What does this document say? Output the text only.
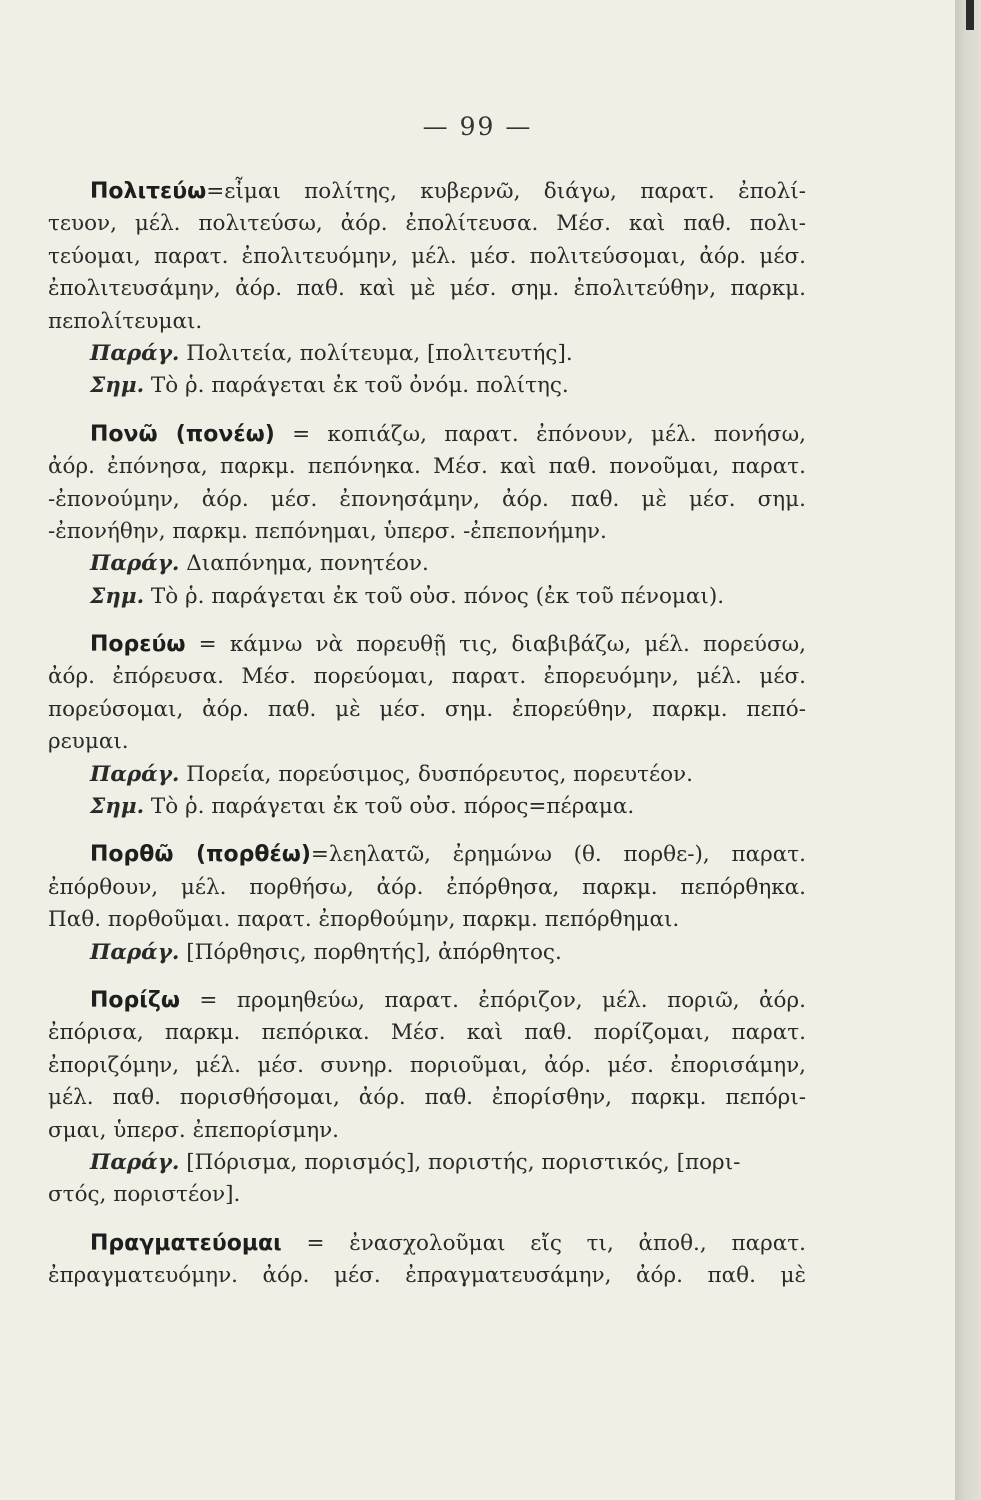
— 99 —
Πολιτεύω=εἶμαι πολίτης, κυβερνῶ, διάγω, παρατ. ἐπολί-
τευον, μέλ. πολιτεύσω, ἀόρ. ἐπολίτευσα. Μέσ. καὶ παθ. πολι-
τεύομαι, παρατ. ἐπολιτευόμην, μέλ. μέσ. πολιτεύσομαι, ἀόρ. μέσ.
ἐπολιτευσάμην, ἀόρ. παθ. καὶ μὲ μέσ. σημ. ἐπολιτεύθην, παρκμ.
πεπολίτευμαι.
Παράγ. Πολιτεία, πολίτευμα, [πολιτευτής].
Σημ. Τὸ ῥ. παράγεται ἐκ τοῦ ὀνόμ. πολίτης.
Πονῶ (πονέω) = κοπιάζω, παρατ. ἐπόνουν, μέλ. πονήσω,
ἀόρ. ἐπόνησα, παρκμ. πεπόνηκα. Μέσ. καὶ παθ. πονοῦμαι, παρατ.
-ἐπονούμην, ἀόρ. μέσ. ἐπονησάμην, ἀόρ. παθ. μὲ μέσ. σημ.
-ἐπονήθην, παρκμ. πεπόνημαι, ὑπερσ. -ἐπεπονήμην.
Παράγ. Διαπόνημα, πονητέον.
Σημ. Τὸ ῥ. παράγεται ἐκ τοῦ οὐσ. πόνος (ἐκ τοῦ πένομαι).
Πορεύω = κάμνω νὰ πορευθῇ τις, διαβιβάζω, μέλ. πορεύσω,
ἀόρ. ἐπόρευσα. Μέσ. πορεύομαι, παρατ. ἐπορευόμην, μέλ. μέσ.
πορεύσομαι, ἀόρ. παθ. μὲ μέσ. σημ. ἐπορεύθην, παρκμ. πεπό-
ρευμαι.
Παράγ. Πορεία, πορεύσιμος, δυσπόρευτος, πορευτέον.
Σημ. Τὸ ῥ. παράγεται ἐκ τοῦ οὐσ. πόρος=πέραμα.
Πορθῶ (πορθέω)=λεηλατῶ, ἐρημώνω (θ. πορθε-), παρατ.
ἐπόρθουν, μέλ. πορθήσω, ἀόρ. ἐπόρθησα, παρκμ. πεπόρθηκα.
Παθ. πορθοῦμαι. παρατ. ἐπορθούμην, παρκμ. πεπόρθημαι.
Παράγ. [Πόρθησις, πορθητής], ἀπόρθητος.
Πορίζω = προμηθεύω, παρατ. ἐπόριζον, μέλ. ποριῶ, ἀόρ.
ἐπόρισα, παρκμ. πεπόρικα. Μέσ. καὶ παθ. πορίζομαι, παρατ.
ἐποριζόμην, μέλ. μέσ. συνηρ. ποριοῦμαι, ἀόρ. μέσ. ἐπορισάμην,
μέλ. παθ. πορισθήσομαι, ἀόρ. παθ. ἐπορίσθην, παρκμ. πεπόρι-
σμαι, ὑπερσ. ἐπεπορίσμην.
Παράγ. [Πόρισμα, πορισμός], ποριστής, ποριστικός, [πορι-
στός, ποριστέον].
Πραγματεύομαι = ἐνασχολοῦμαι εἴς τι, ἀποθ., παρατ.
ἐπραγματευόμην. ἀόρ. μέσ. ἐπραγματευσάμην, ἀόρ. παθ. μὲ
